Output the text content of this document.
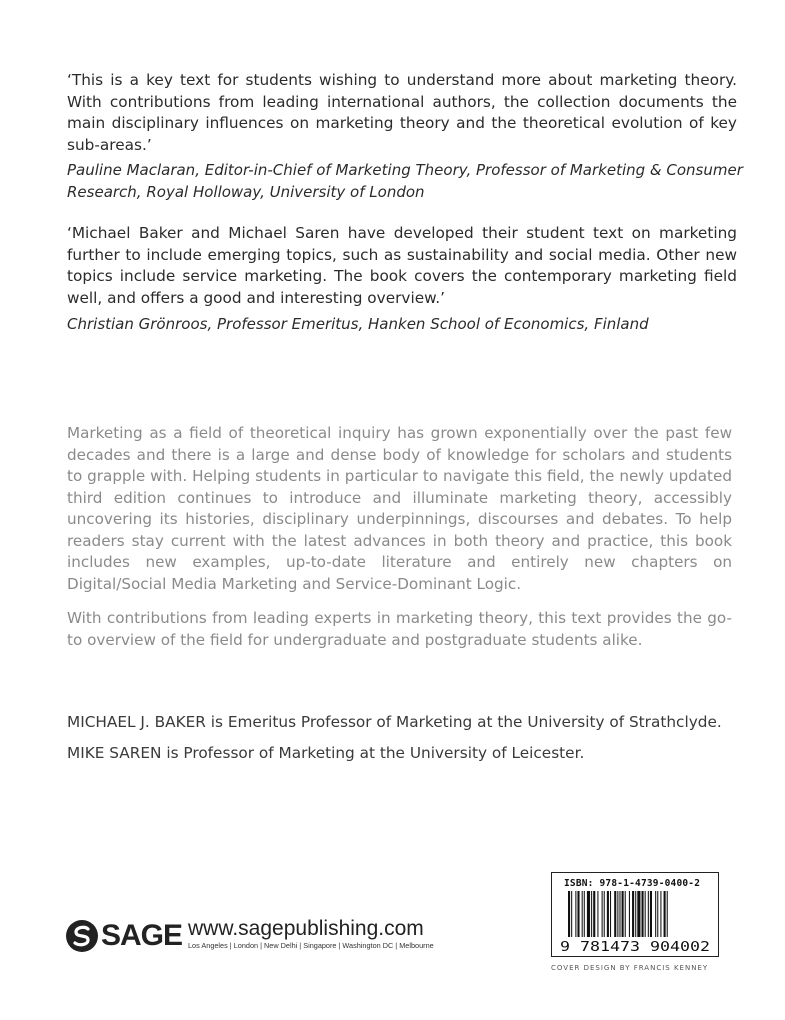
‘This is a key text for students wishing to understand more about marketing theory. With contributions from leading international authors, the collection documents the main disciplinary influences on marketing theory and the theoretical evolution of key sub-areas.’

Pauline Maclaran, Editor-in-Chief of Marketing Theory, Professor of Marketing & Consumer Research, Royal Holloway, University of London

‘Michael Baker and Michael Saren have developed their student text on marketing further to include emerging topics, such as sustainability and social media. Other new topics include service marketing. The book covers the contemporary marketing field well, and offers a good and interesting overview.’

Christian Grönroos, Professor Emeritus, Hanken School of Economics, Finland

Marketing as a field of theoretical inquiry has grown exponentially over the past few decades and there is a large and dense body of knowledge for scholars and students to grapple with. Helping students in particular to navigate this field, the newly updated third edition continues to introduce and illuminate marketing theory, accessibly uncovering its histories, disciplinary underpinnings, discourses and debates. To help readers stay current with the latest advances in both theory and practice, this book includes new examples, up-to-date literature and entirely new chapters on Digital/Social Media Marketing and Service-Dominant Logic.

With contributions from leading experts in marketing theory, this text provides the go-to overview of the field for undergraduate and postgraduate students alike.

MICHAEL J. BAKER is Emeritus Professor of Marketing at the University of Strathclyde.

MIKE SAREN is Professor of Marketing at the University of Leicester.

SAGE www.sagepublishing.com
Los Angeles | London | New Delhi | Singapore | Washington DC | Melbourne
ISBN: 978-1-4739-0400-2
9 781473 904002
COVER DESIGN BY FRANCIS KENNEY
